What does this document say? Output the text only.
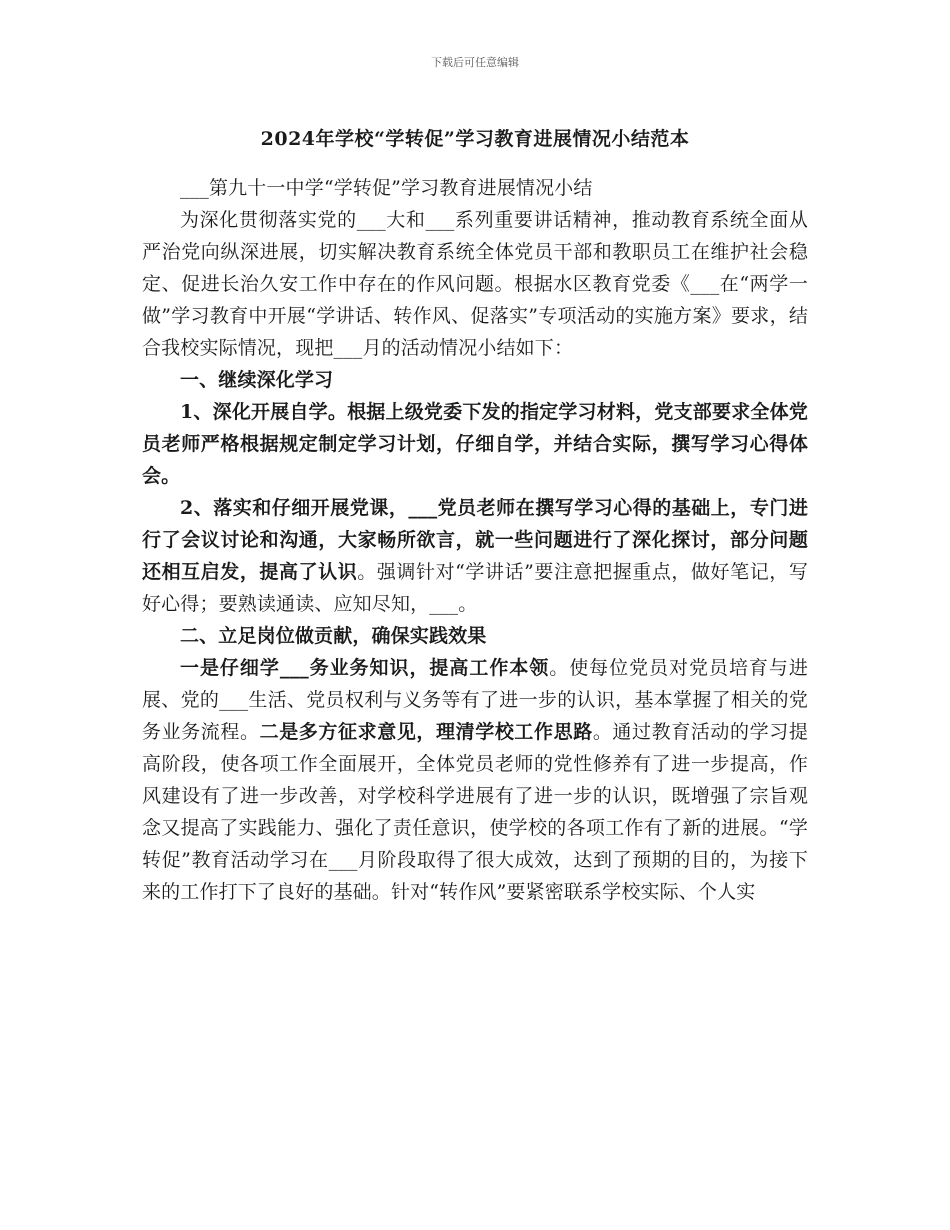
下载后可任意编辑
2024年学校“学转促”学习教育进展情况小结范本

___第九十一中学“学转促”学习教育进展情况小结

为深化贯彻落实党的___大和___系列重要讲话精神，推动教育系统全面从严治党向纵深进展，切实解决教育系统全体党员干部和教职员工在维护社会稳定、促进长治久安工作中存在的作风问题。根据水区教育党委《___在“两学一做”学习教育中开展“学讲话、转作风、促落实”专项活动的实施方案》要求，结合我校实际情况，现把___月的活动情况小结如下：

一、继续深化学习

1、深化开展自学。根据上级党委下发的指定学习材料，党支部要求全体党员老师严格根据规定制定学习计划，仔细自学，并结合实际，撰写学习心得体会。

2、落实和仔细开展党课，___党员老师在撰写学习心得的基础上，专门进行了会议讨论和沟通，大家畅所欲言，就一些问题进行了深化探讨，部分问题还相互启发，提高了认识。强调针对“学讲话”要注意把握重点，做好笔记，写好心得；要熟读通读、应知尽知，___。

二、立足岗位做贡献，确保实践效果

一是仔细学___务业务知识，提高工作本领。使每位党员对党员培育与进展、党的___生活、党员权利与义务等有了进一步的认识，基本掌握了相关的党务业务流程。二是多方征求意见，理清学校工作思路。通过教育活动的学习提高阶段，使各项工作全面展开，全体党员老师的党性修养有了进一步提高，作风建设有了进一步改善，对学校科学进展有了进一步的认识，既增强了宗旨观念又提高了实践能力、强化了责任意识，使学校的各项工作有了新的进展。“学转促”教育活动学习在___月阶段取得了很大成效，达到了预期的目的，为接下来的工作打下了良好的基础。针对“转作风”要紧密联系学校实际、个人实
